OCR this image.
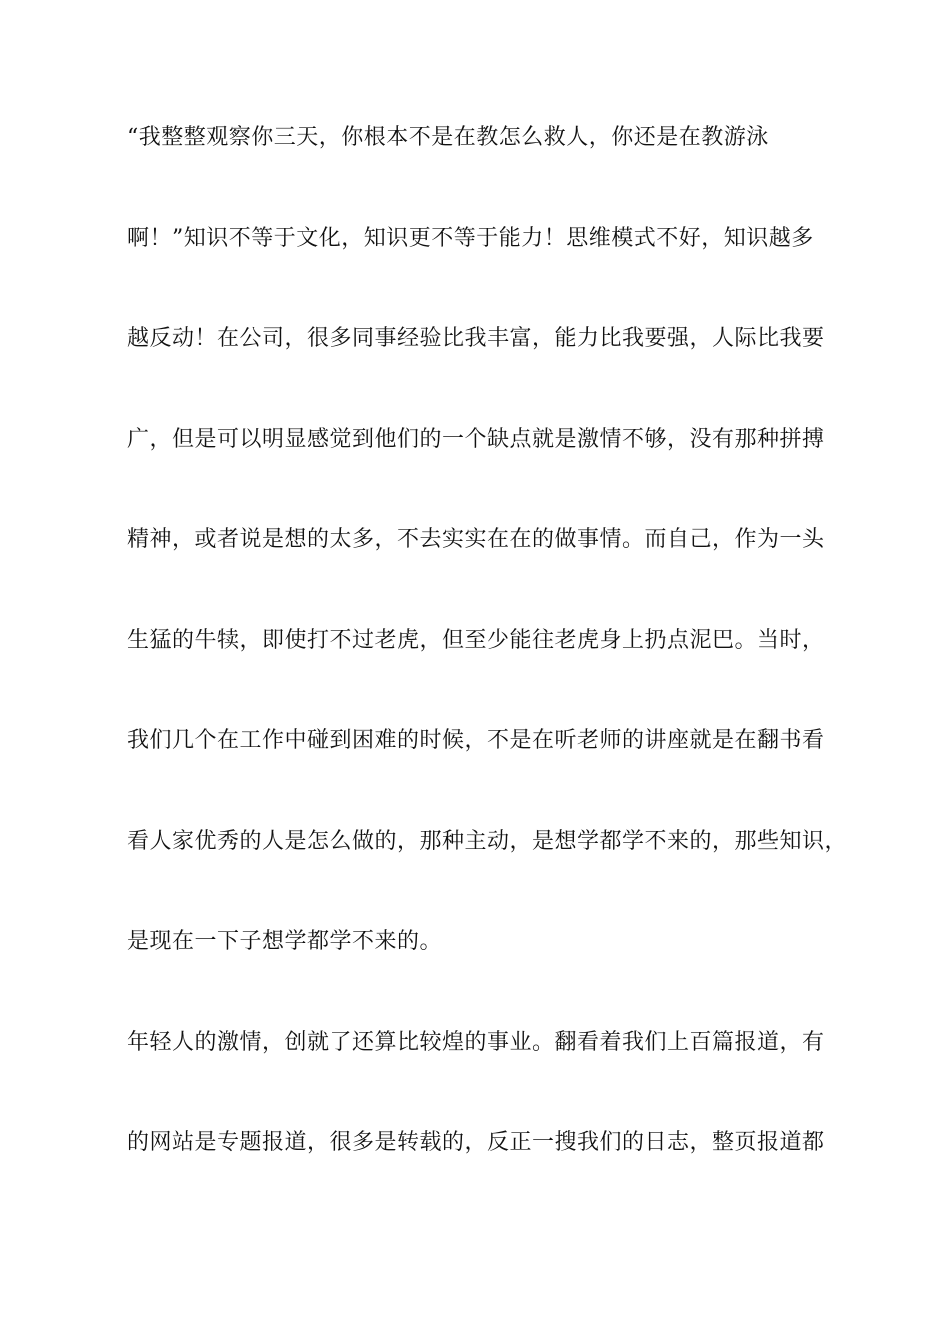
“我整整观察你三天，你根本不是在教怎么救人，你还是在教游泳
啊！”知识不等于文化，知识更不等于能力！思维模式不好，知识越多
越反动！在公司，很多同事经验比我丰富，能力比我要强，人际比我要
广，但是可以明显感觉到他们的一个缺点就是激情不够，没有那种拼搏
精神，或者说是想的太多，不去实实在在的做事情。而自己，作为一头
生猛的牛犊，即使打不过老虎，但至少能往老虎身上扔点泥巴。当时，
我们几个在工作中碰到困难的时候，不是在听老师的讲座就是在翻书看
看人家优秀的人是怎么做的，那种主动，是想学都学不来的，那些知识，
是现在一下子想学都学不来的。
年轻人的激情，创就了还算比较煌的事业。翻看着我们上百篇报道，有
的网站是专题报道，很多是转载的，反正一搜我们的日志，整页报道都
